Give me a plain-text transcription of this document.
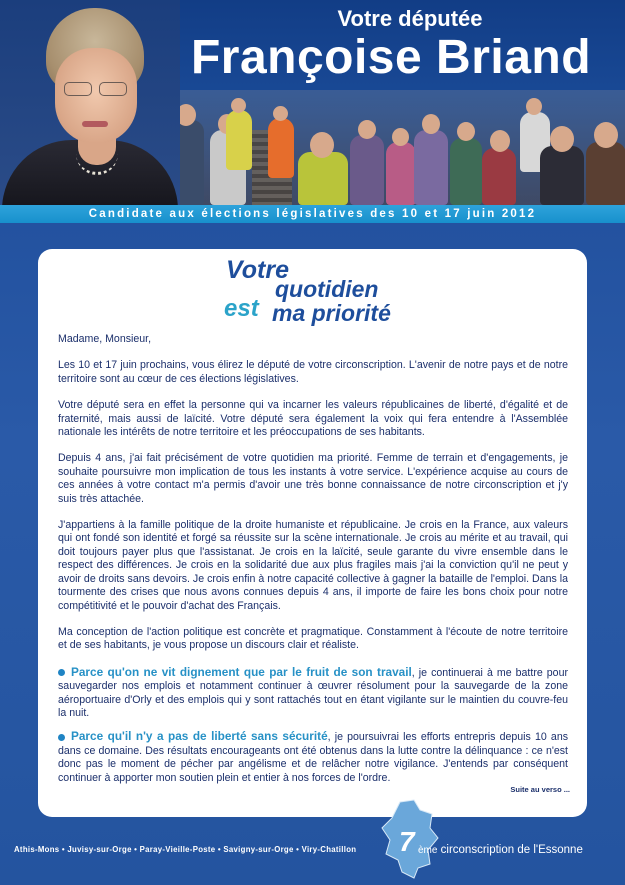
Votre députée
Françoise Briand
Candidate aux élections législatives des 10 et 17 juin 2012
Votre
quotidien
est ma priorité

Madame, Monsieur,

Les 10 et 17 juin prochains, vous élirez le député de votre circonscription. L'avenir de notre pays et de notre territoire sont au cœur de ces élections législatives.

Votre député sera en effet la personne qui va incarner les valeurs républicaines de liberté, d'égalité et de fraternité, mais aussi de laïcité. Votre député sera également la voix qui fera entendre à l'Assemblée nationale les intérêts de notre territoire et les préoccupations de ses habitants.

Depuis 4 ans, j'ai fait précisément de votre quotidien ma priorité. Femme de terrain et d'engagements, je souhaite poursuivre mon implication de tous les instants à votre service. L'expérience acquise au cours de ces années à votre contact m'a permis d'avoir une très bonne connaissance de notre circonscription et j'y suis très attachée.

J'appartiens à la famille politique de la droite humaniste et républicaine. Je crois en la France, aux valeurs qui ont fondé son identité et forgé sa réussite sur la scène internationale. Je crois au mérite et au travail, qui doit toujours payer plus que l'assistanat. Je crois en la laïcité, seule garante du vivre ensemble dans le respect des différences. Je crois en la solidarité due aux plus fragiles mais j'ai la conviction qu'il ne peut y avoir de droits sans devoirs. Je crois enfin à notre capacité collective à gagner la bataille de l'emploi. Dans la tourmente des crises que nous avons connues depuis 4 ans, il importe de faire les bons choix pour notre compétitivité et le pouvoir d'achat des Français.

Ma conception de l'action politique est concrète et pragmatique. Constamment à l'écoute de notre territoire et de ses habitants, je vous propose un discours clair et réaliste.

Parce qu'on ne vit dignement que par le fruit de son travail, je continuerai à me battre pour sauvegarder nos emplois et notamment continuer à œuvrer résolument pour la sauvegarde de la zone aéroportuaire d'Orly et des emplois qui y sont rattachés tout en étant vigilante sur le maintien du couvre-feu la nuit.

Parce qu'il n'y a pas de liberté sans sécurité, je poursuivrai les efforts entrepris depuis 10 ans dans ce domaine. Des résultats encourageants ont été obtenus dans la lutte contre la délinquance : ce n'est donc pas le moment de pécher par angélisme et de relâcher notre vigilance. J'entends par conséquent continuer à apporter mon soutien plein et entier à nos forces de l'ordre.

Suite au verso ...
Athis-Mons • Juvisy-sur-Orge • Paray-Vieille-Poste • Savigny-sur-Orge • Viry-Chatillon	7 ème circonscription de l'Essonne
